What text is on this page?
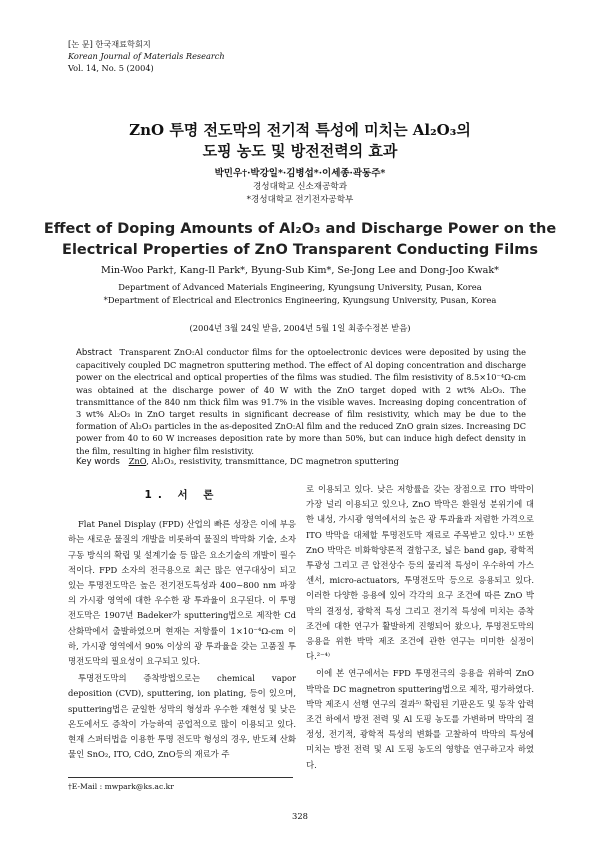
[논 문] 한국재료학회지
Korean Journal of Materials Research
Vol. 14, No. 5 (2004)
ZnO 투명 전도막의 전기적 특성에 미치는 Al₂O₃의
도핑 농도 및 방전전력의 효과
박민우†·박강일*·김병섭*·이세종·곽동주*
경성대학교 신소재공학과
*경성대학교 전기전자공학부
Effect of Doping Amounts of Al₂O₃ and Discharge Power on the
Electrical Properties of ZnO Transparent Conducting Films
Min-Woo Park†, Kang-Il Park*, Byung-Sub Kim*, Se-Jong Lee and Dong-Joo Kwak*
Department of Advanced Materials Engineering, Kyungsung University, Pusan, Korea
*Department of Electrical and Electronics Engineering, Kyungsung University, Pusan, Korea
(2004년 3월 24일 받음, 2004년 5월 1일 최종수정본 받음)
Abstract Transparent ZnO:Al conductor films for the optoelectronic devices were deposited by using the capacitively coupled DC magnetron sputtering method. The effect of Al doping concentration and discharge power on the electrical and optical properties of the films was studied. The film resistivity of 8.5×10⁻⁴Ω-cm was obtained at the discharge power of 40 W with the ZnO target doped with 2 wt% Al₂O₃. The transmittance of the 840 nm thick film was 91.7% in the visible waves. Increasing doping concentration of 3 wt% Al₂O₃ in ZnO target results in significant decrease of film resistivity, which may be due to the formation of Al₂O₃ particles in the as-deposited ZnO:Al film and the reduced ZnO grain sizes. Increasing DC power from 40 to 60 W increases deposition rate by more than 50%, but can induce high defect density in the film, resulting in higher film resistivity.
Key words ZnO, Al₂O₃, resistivity, transmittance, DC magnetron sputtering
1. 서 론

Flat Panel Display (FPD) 산업의 빠른 성장은 이에 부응하는 새로운 물질의 개발을 비롯하여 물질의 박막화 기술, 소자 구동 방식의 확립 및 설계기술 등 많은 요소기술의 개발이 필수적이다. FPD 소자의 전극용으로 최근 많은 연구대상이 되고 있는 투명전도막은 높은 전기전도특성과 400~800 nm 파장의 가시광 영역에 대한 우수한 광 투과율이 요구된다. 이 투명전도막은 1907년 Badeker가 sputtering법으로 제작한 Cd 산화막에서 출발하였으며 현재는 저항률이 1×10⁻⁴Ω-cm 이하, 가시광 영역에서 90% 이상의 광 투과율을 갖는 고품질 투명전도막의 필요성이 요구되고 있다.

투명전도막의 증착방법으로는 chemical vapor deposition (CVD), sputtering, ion plating, 등이 있으며, sputtering법은 균일한 성막의 형성과 우수한 재현성 및 낮은 온도에서도 증착이 가능하여 공업적으로 많이 이용되고 있다. 현재 스퍼터법을 이용한 투명 전도막 형성의 경우, 반도체 산화물인 SnO₂, ITO, CdO, ZnO등의 재료가 주

로 이용되고 있다. 낮은 저항률을 갖는 장점으로 ITO 박막이 가장 널리 이용되고 있으나, ZnO 박막은 환원성 분위기에 대한 내성, 가시광 영역에서의 높은 광 투과율과 저렴한 가격으로 ITO 박막을 대체할 투명전도막 재료로 주목받고 있다.¹⁾ 또한 ZnO 박막은 비화학양론적 결함구조, 넓은 band gap, 광학적 투광성 그리고 큰 압전상수 등의 물리적 특성이 우수하여 가스센서, micro-actuators, 투명전도막 등으로 응용되고 있다. 이러한 다양한 응용에 있어 각각의 요구 조건에 따른 ZnO 박막의 결정성, 광학적 특성 그리고 전기적 특성에 미치는 증착 조건에 대한 연구가 활발하게 진행되어 왔으나, 투명전도막의 응용을 위한 박막 제조 조건에 관한 연구는 미미한 실정이다.²⁻⁴⁾

이에 본 연구에서는 FPD 투명전극의 응용을 위하여 ZnO 박막을 DC magnetron sputtering법으로 제작, 평가하였다. 박막 제조시 선행 연구의 결과⁵⁾ 확립된 기판온도 및 동작 압력 조건 하에서 방전 전력 및 Al 도핑 농도를 가변하며 박막의 결정성, 전기적, 광학적 특성의 변화를 고찰하여 박막의 특성에 미치는 방전 전력 및 Al 도핑 농도의 영향을 연구하고자 하였다.

†E-Mail : mwpark@ks.ac.kr
328
